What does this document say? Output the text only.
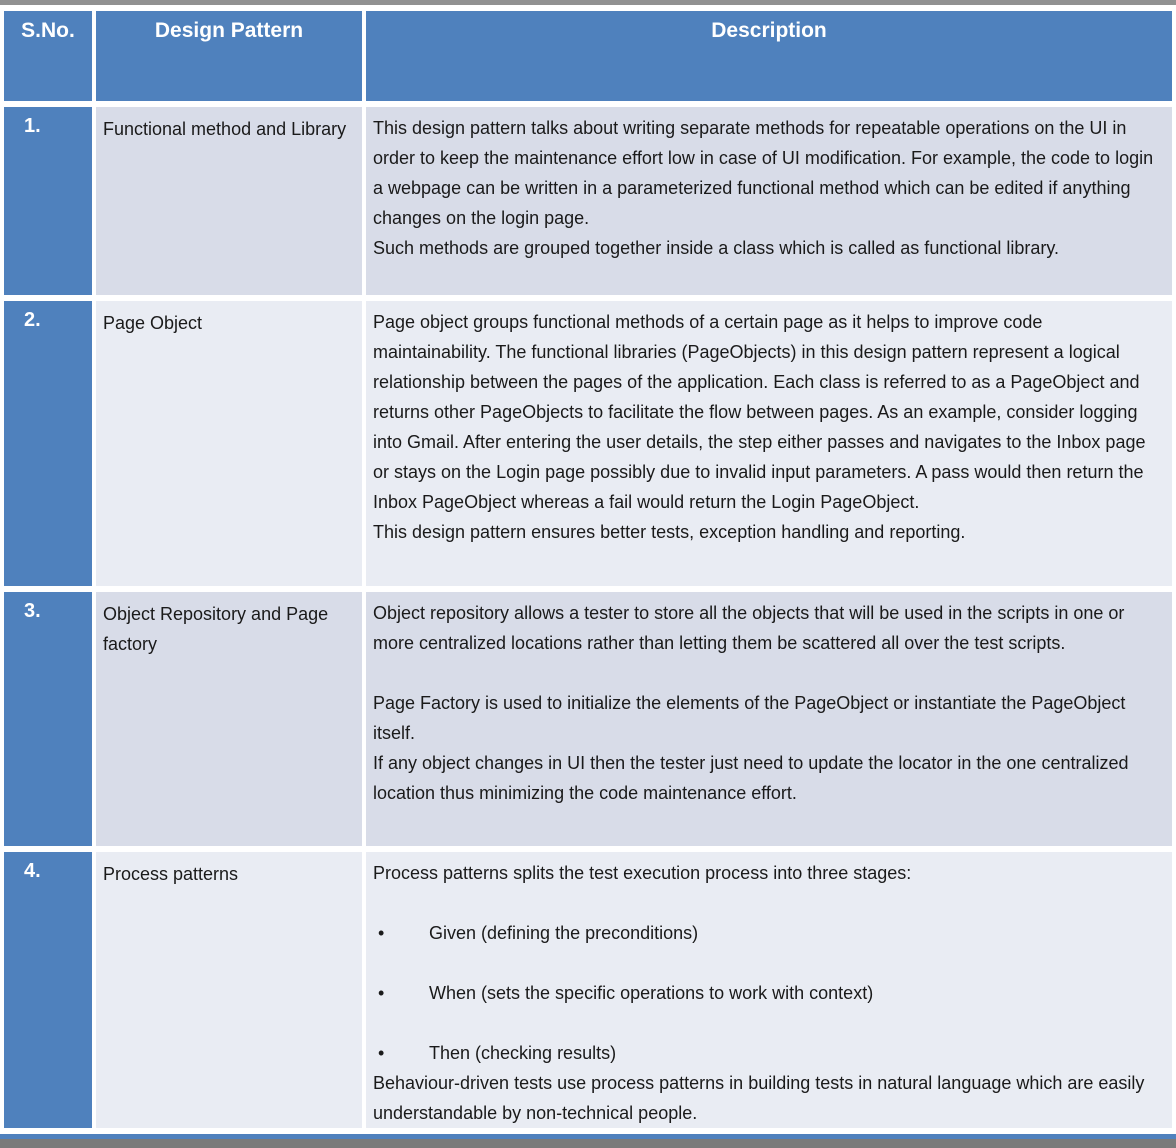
S.No.	Design Pattern	Description
1.	Functional method and Library	This design pattern talks about writing separate methods for repeatable operations on the UI in order to keep the maintenance effort low in case of UI modification. For example, the code to login a webpage can be written in a parameterized functional method which can be edited if anything changes on the login page.

Such methods are grouped together inside a class which is called as functional library.

2.	Page Object	Page object groups functional methods of a certain page as it helps to improve code maintainability. The functional libraries (PageObjects) in this design pattern represent a logical relationship between the pages of the application. Each class is referred to as a PageObject and returns other PageObjects to facilitate the flow between pages. As an example, consider logging into Gmail. After entering the user details, the step either passes and navigates to the Inbox page or stays on the Login page possibly due to invalid input parameters. A pass would then return the Inbox PageObject whereas a fail would return the Login PageObject.

This design pattern ensures better tests, exception handling and reporting.

3.	Object Repository and Page factory	Object repository allows a tester to store all the objects that will be used in the scripts in one or more centralized locations rather than letting them be scattered all over the test scripts.

Page Factory is used to initialize the elements of the PageObject or instantiate the PageObject itself.

If any object changes in UI then the tester just need to update the locator in the one centralized location thus minimizing the code maintenance effort.

4.	Process patterns	Process patterns splits the test execution process into three stages:

•	Given (defining the preconditions)
•	When (sets the specific operations to work with context)
•	Then (checking results)

Behaviour-driven tests use process patterns in building tests in natural language which are easily understandable by non-technical people.
